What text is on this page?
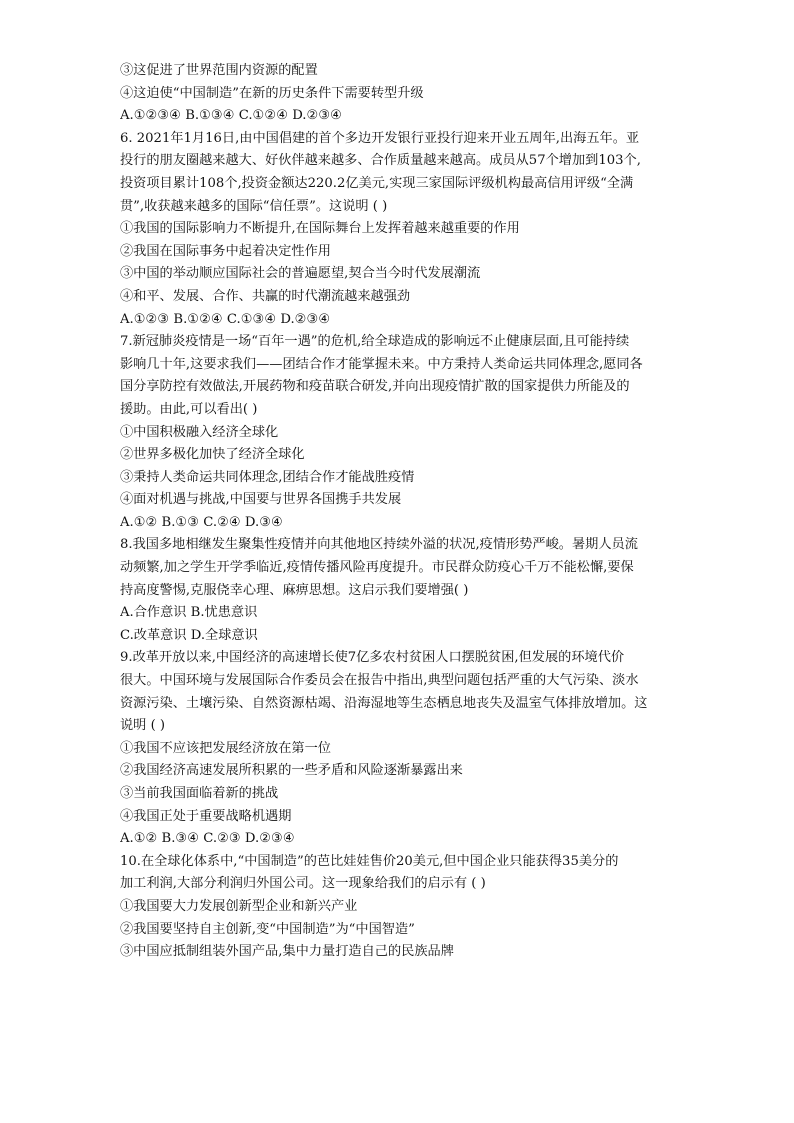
③这促进了世界范围内资源的配置
④这迫使“中国制造”在新的历史条件下需要转型升级
A.①②③④ B.①③④ C.①②④ D.②③④
6. 2021年1月16日,由中国倡建的首个多边开发银行亚投行迎来开业五周年,出海五年。亚
投行的朋友圈越来越大、好伙伴越来越多、合作质量越来越高。成员从57个增加到103个,
投资项目累计108个,投资金额达220.2亿美元,实现三家国际评级机构最高信用评级“全满
贯”,收获越来越多的国际“信任票”。这说明 ( )
①我国的国际影响力不断提升,在国际舞台上发挥着越来越重要的作用
②我国在国际事务中起着决定性作用
③中国的举动顺应国际社会的普遍愿望,契合当今时代发展潮流
④和平、发展、合作、共赢的时代潮流越来越强劲
A.①②③ B.①②④ C.①③④ D.②③④
7.新冠肺炎疫情是一场“百年一遇”的危机,给全球造成的影响远不止健康层面,且可能持续
影响几十年,这要求我们——团结合作才能掌握未来。中方秉持人类命运共同体理念,愿同各
国分享防控有效做法,开展药物和疫苗联合研发,并向出现疫情扩散的国家提供力所能及的
援助。由此,可以看出( )
①中国积极融入经济全球化
②世界多极化加快了经济全球化
③秉持人类命运共同体理念,团结合作才能战胜疫情
④面对机遇与挑战,中国要与世界各国携手共发展
A.①② B.①③ C.②④ D.③④
8.我国多地相继发生聚集性疫情并向其他地区持续外溢的状况,疫情形势严峻。暑期人员流
动频繁,加之学生开学季临近,疫情传播风险再度提升。市民群众防疫心千万不能松懈,要保
持高度警惕,克服侥幸心理、麻痹思想。这启示我们要增强( )
A.合作意识 B.忧患意识
C.改革意识 D.全球意识
9.改革开放以来,中国经济的高速增长使7亿多农村贫困人口摆脱贫困,但发展的环境代价
很大。中国环境与发展国际合作委员会在报告中指出,典型问题包括严重的大气污染、淡水
资源污染、土壤污染、自然资源枯竭、沿海湿地等生态栖息地丧失及温室气体排放增加。这
说明 ( )
①我国不应该把发展经济放在第一位
②我国经济高速发展所积累的一些矛盾和风险逐渐暴露出来
③当前我国面临着新的挑战
④我国正处于重要战略机遇期
A.①② B.③④ C.②③ D.②③④
10.在全球化体系中,“中国制造”的芭比娃娃售价20美元,但中国企业只能获得35美分的
加工利润,大部分利润归外国公司。这一现象给我们的启示有 ( )
①我国要大力发展创新型企业和新兴产业
②我国要坚持自主创新,变“中国制造”为“中国智造”
③中国应抵制组装外国产品,集中力量打造自己的民族品牌
